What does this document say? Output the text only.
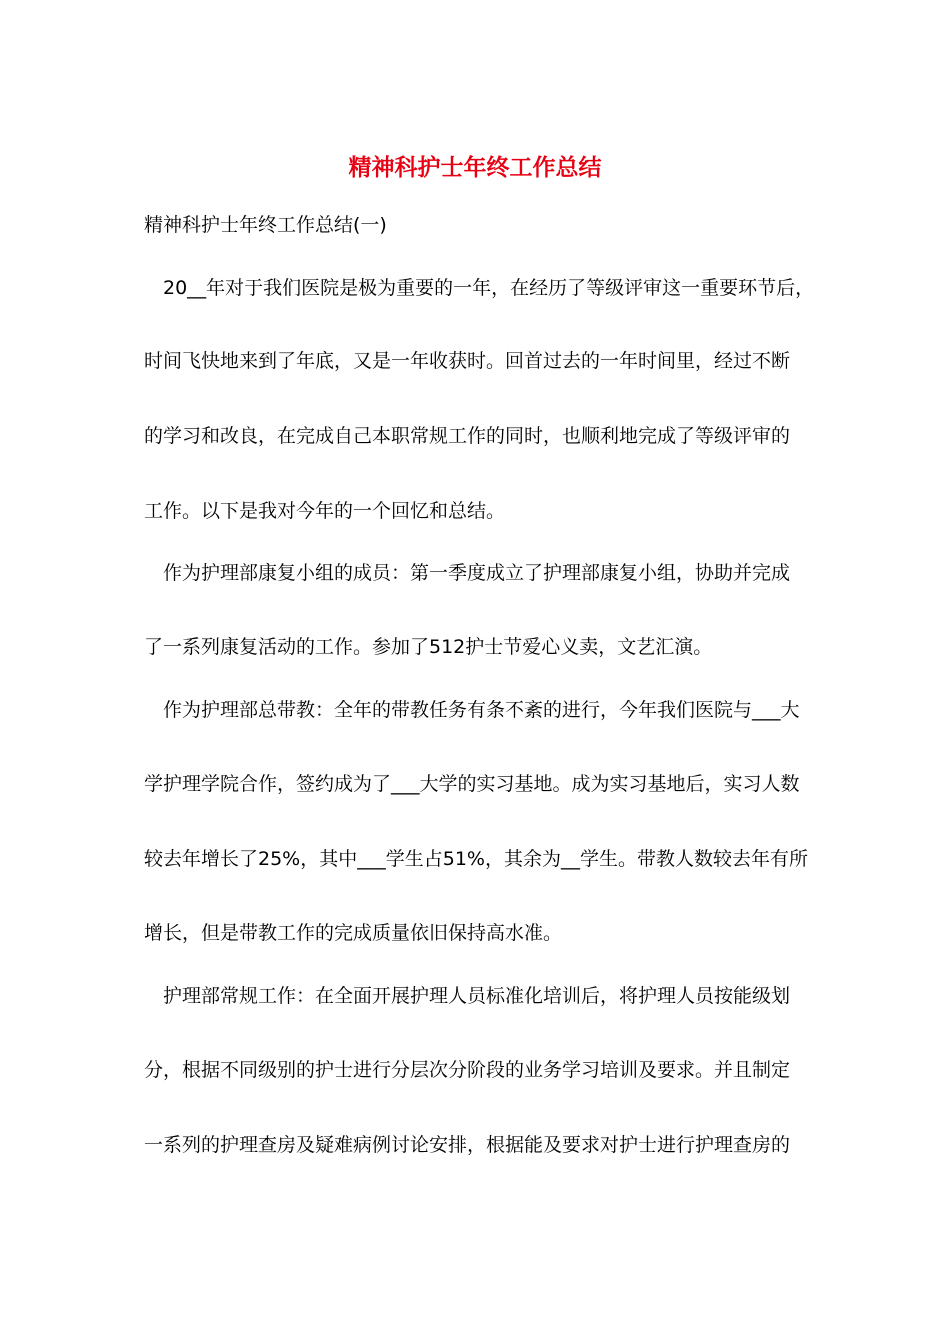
精神科护士年终工作总结
精神科护士年终工作总结(一)
20__年对于我们医院是极为重要的一年，在经历了等级评审这一重要环节后，
时间飞快地来到了年底，又是一年收获时。回首过去的一年时间里，经过不断
的学习和改良，在完成自己本职常规工作的同时，也顺利地完成了等级评审的
工作。以下是我对今年的一个回忆和总结。
作为护理部康复小组的成员：第一季度成立了护理部康复小组，协助并完成
了一系列康复活动的工作。参加了512护士节爱心义卖，文艺汇演。
作为护理部总带教：全年的带教任务有条不紊的进行，今年我们医院与___大
学护理学院合作，签约成为了___大学的实习基地。成为实习基地后，实习人数
较去年增长了25%，其中___学生占51%，其余为__学生。带教人数较去年有所
增长，但是带教工作的完成质量依旧保持高水准。
护理部常规工作：在全面开展护理人员标准化培训后，将护理人员按能级划
分，根据不同级别的护士进行分层次分阶段的业务学习培训及要求。并且制定
一系列的护理查房及疑难病例讨论安排，根据能及要求对护士进行护理查房的
